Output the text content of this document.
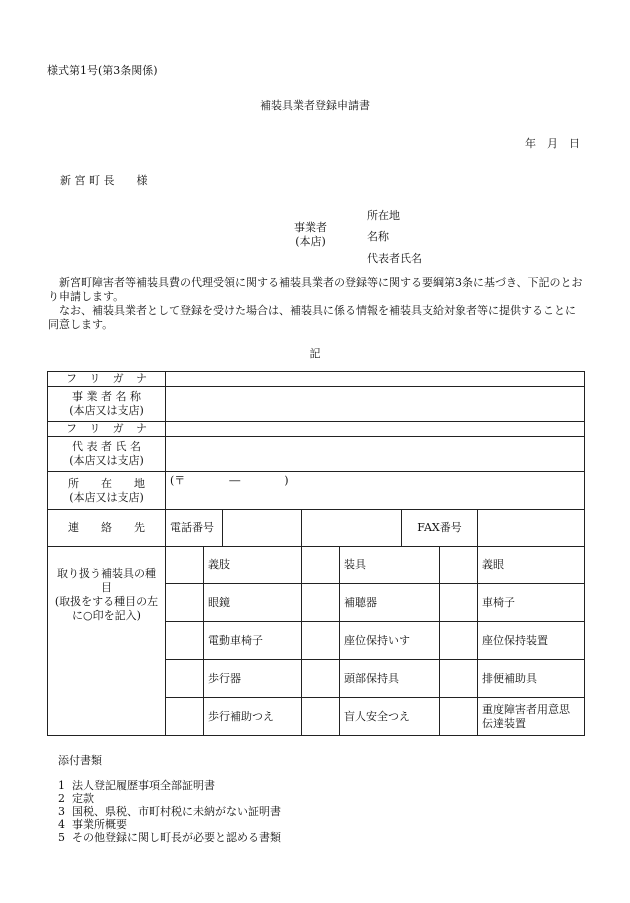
様式第1号(第3条関係)
補装具業者登録申請書
年　月　日
新 宮 町 長　　様
事業者
(本店)
所在地
名称
代表者氏名

新宮町障害者等補装具費の代理受領に関する補装具業者の登録等に関する要綱第3条に基づき、下記のとおり申請します。

なお、補装具業者として登録を受けた場合は、補装具に係る情報を補装具支給対象者等に提供することに同意します。

記
フ リ ガ ナ							

事 業 者 名 称
(本店又は支店)							

フ リ ガ ナ							

代 表 者 氏 名
(本店又は支店)							

所 在 地
(本店又は支店)	(〒　　　　―　　　　)						

連 絡 先	電話番号				FAX番号		

取り扱う補装具の種目
(取扱をする種目の左に○印を記入)		義肢		装具			義眼
		眼鏡		補聴器			車椅子
		電動車椅子		座位保持いす			座位保持装置
		歩行器		頭部保持具			排便補助具
		歩行補助つえ		盲人安全つえ			重度障害者用意思伝達装置
添付書類
1 法人登記履歴事項全部証明書
2 定款
3 国税、県税、市町村税に未納がない証明書
4 事業所概要
5 その他登録に関し町長が必要と認める書類
